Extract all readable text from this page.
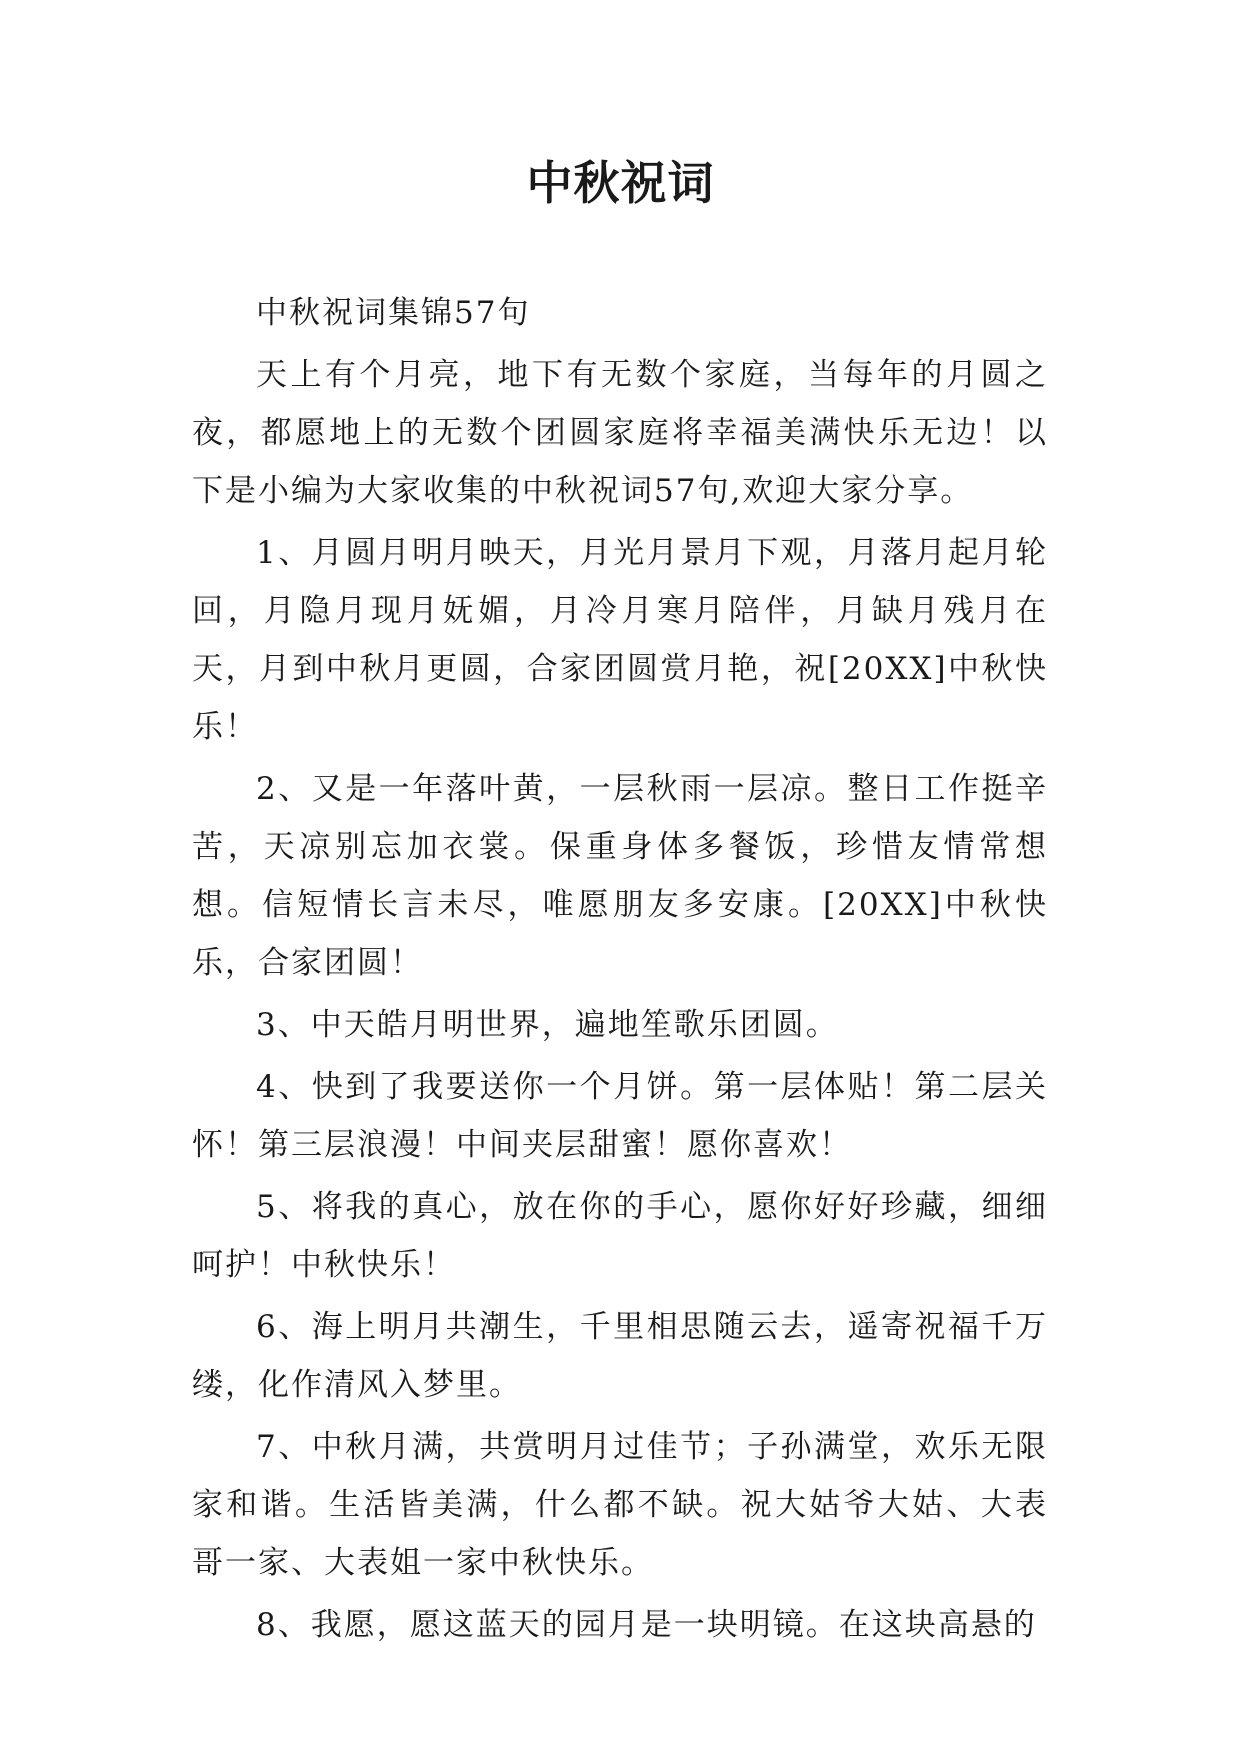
中秋祝词

中秋祝词集锦57句

天上有个月亮，地下有无数个家庭，当每年的月圆之夜，都愿地上的无数个团圆家庭将幸福美满快乐无边！以下是小编为大家收集的中秋祝词57句,欢迎大家分享。

1、月圆月明月映天，月光月景月下观，月落月起月轮回，月隐月现月妩媚，月冷月寒月陪伴，月缺月残月在天，月到中秋月更圆，合家团圆赏月艳，祝[20XX]中秋快乐！

2、又是一年落叶黄，一层秋雨一层凉。整日工作挺辛苦，天凉别忘加衣裳。保重身体多餐饭，珍惜友情常想想。信短情长言未尽，唯愿朋友多安康。[20XX]中秋快乐，合家团圆！

3、中天皓月明世界，遍地笙歌乐团圆。

4、快到了我要送你一个月饼。第一层体贴！第二层关怀！第三层浪漫！中间夹层甜蜜！愿你喜欢！

5、将我的真心，放在你的手心，愿你好好珍藏，细细呵护！中秋快乐！

6、海上明月共潮生，千里相思随云去，遥寄祝福千万缕，化作清风入梦里。

7、中秋月满，共赏明月过佳节；子孙满堂，欢乐无限家和谐。生活皆美满，什么都不缺。祝大姑爷大姑、大表哥一家、大表姐一家中秋快乐。

8、我愿，愿这蓝天的园月是一块明镜。在这块高悬的
